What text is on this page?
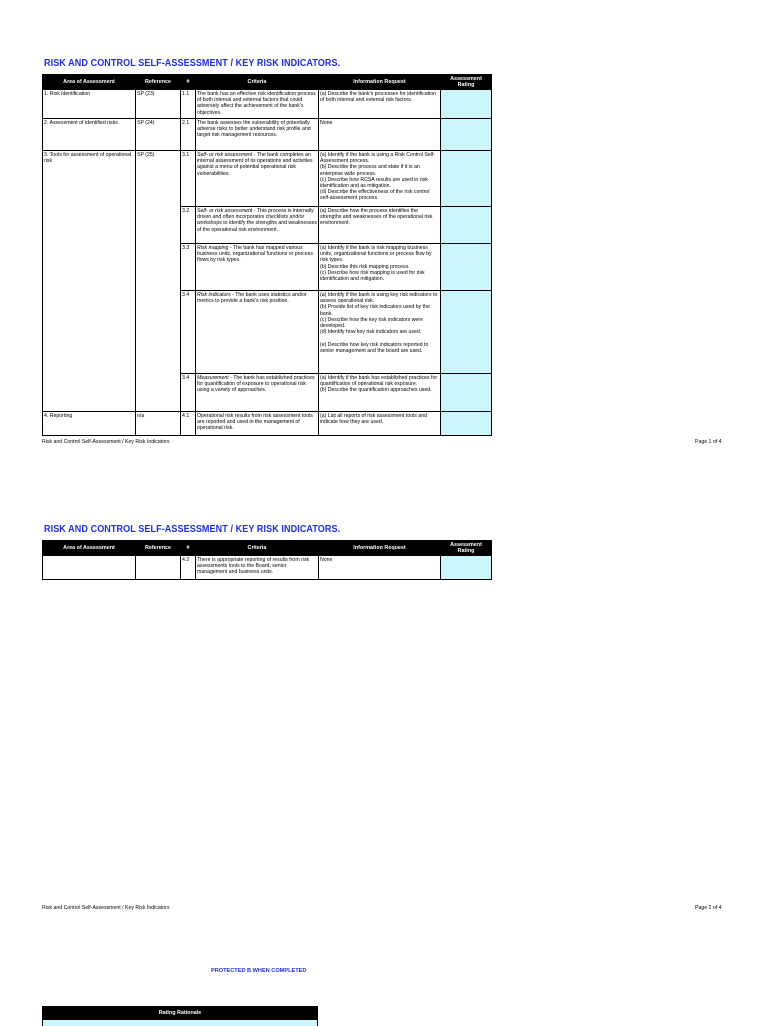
RISK AND CONTROL SELF-ASSESSMENT / KEY RISK INDICATORS.
Area of Assessment	Reference	#	Criteria	Information Request	Assessment Rating
1. Risk identification	SP (23)	1.1	The bank has an effective risk identification process of both internal and external factors that could adversely affect the achievement of the bank's objectives.	(a) Describe the bank's processes for identification of both internal and external risk factors.	

2. Assessment of identified risks	SP (24)	2.1	The bank assesses the vulnerability of potentially adverse risks to better understand risk profile and target risk management resources.	None	

3. Tools for assessment of operational risk	SP (25)	3.1	Self- or risk assessment - The bank completes an internal assessment of its operations and activities against a menu of potential operational risk vulnerabilities.	(a) Identify if the bank is using a Risk Control Self-Assessment process.
(b) Describe the process and state if it is an enterprise wide process.
(c) Describe how RCSA results are used in risk identification and as mitigation.
(d) Describe the effectiveness of the risk control self-assessment process.	

		3.2	Self- or risk assessment - This process is internally driven and often incorporates checklists and/or workshops to identify the strengths and weaknesses of the operational risk environment.	(a) Describe how the process identifies the strengths and weaknesses of the operational risk environment.	

		3.3	Risk mapping - The bank has mapped various business units, organizational functions or process flows by risk types.	(a) Identify if the bank is risk mapping business units, organizational functions or process flow by risk types.
(b) Describe this risk mapping process.
(c) Describe how risk mapping is used for risk identification and mitigation.	

		3.4	Risk indicators - The bank uses statistics and/or metrics to provide a bank's risk position.	(a) Identify if the bank is using key risk indicators to assess operational risk.
(b) Provide list of key risk indicators used by the bank.
(c) Describe how the key risk indicators were developed.
(d) Identify how key risk indicators are used.

(e) Describe how key risk indicators reported to senior management and the board are used.	

		3.4	Measurement - The bank has established practices for quantification of exposure to operational risk using a variety of approaches.	(a) Identify if the bank has established practices for quantification of operational risk exposure.
(b) Describe the quantification approaches used.	

4. Reporting	n/a	4.1	Operational risk results from risk assessment tools are reported and used in the management of operational risk.	(a) List all reports of risk assessment tools and indicate how they are used.	

Risk and Control Self-Assessment / Key Risk Indicators	Page 1 of 4
RISK AND CONTROL SELF-ASSESSMENT / KEY RISK INDICATORS.
Area of Assessment	Reference	#	Criteria	Information Request	Assessment Rating
		4.2	There is appropriate reporting of results from risk assessments tools to the Board, senior management and business units.	None	
Risk and Control Self-Assessment / Key Risk Indicators	Page 2 of 4
PROTECTED B WHEN COMPLETED
Rating Rationale
